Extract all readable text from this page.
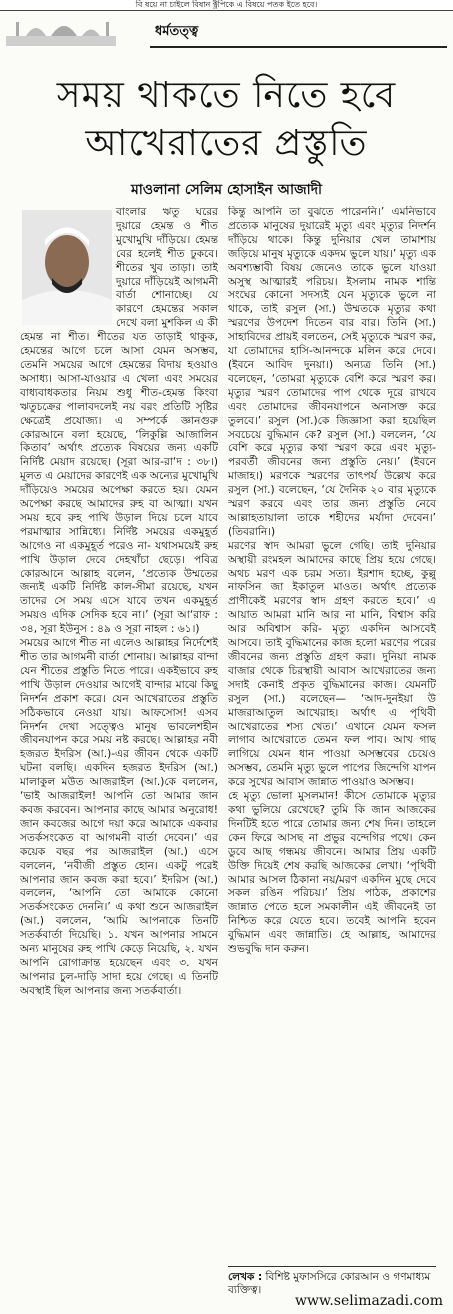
বি ষয়ে না চাইলে বিষান ক্ট্রপিকে এ বিষয়ে পতক ইতে হবে।
ধর্মতত্ত্ব
সময় থাকতে নিতে হবে
আখেরাতের প্রস্তুতি
মাওলানা সেলিম হোসাইন আজাদী

বাংলার ঋতু ঘরের দুয়ারে হেমন্ত ও শীত মুখোমুখি দাঁড়িয়ে। হেমন্ত বের হলেই শীত ঢুকবে। শীতের খুব তাড়া। তাই দুয়ারে দাঁড়িয়েই আগমনী বার্তা শোনাচ্ছে। যে কারণে হেমন্তের সকাল দেখে বলা মুশকিল এ কী হেমন্ত না শীত। শীতের যত তাড়াই থাকুক, হেমন্তের আগে চলে আসা যেমন অসম্ভব, তেমনি সময়ের আগে হেমন্তের বিদায় হওয়াও অসাধ্য। আসা-যাওয়ার এ খেলা এবং সময়ের বাধ্যবাধকতার নিয়ম শুধু শীত-হেমন্ত কিংবা ঋতুচক্রের পালাবদলেই নয় বরং প্রতিটি সৃষ্টির ক্ষেত্রেই প্রযোজ্য। এ সম্পর্কে জ্ঞানগুরু কোরআনে বলা হয়েছে, ‘লিকুল্লি আজালিন কিতাব’ অর্থাৎ প্রত্যেক বিষয়ের জন্য একটি নির্দিষ্ট মেয়াদ রয়েছে। (সূরা আর-রা‘দ : ৩৮।) মূলত এ মেয়াদের কারণেই এক অন্যের মুখোমুখি দাঁড়িয়েও সময়ের অপেক্ষা করতে হয়। যেমন অপেক্ষা করছে আমাদের রুহ বা আত্মা। যখন সময় হবে রুহ পাখি উড়াল দিয়ে চলে যাবে পরমাত্মার সান্নিধ্যে। নির্দিষ্ট সময়ের একমুহূর্ত আগেও না একমুহূর্ত পরেও না- যথাসময়েই রুহ পাখি উড়াল দেবে দেহখাঁচা ছেড়ে। পবিত্র কোরআনে আল্লাহ বলেন, ‘প্রত্যেক উম্মতের জন্যই একটি নির্দিষ্ট কাল-সীমা রয়েছে, যখন তাদের সে সময় এসে যাবে তখন একমুহূর্ত সময়ও এদিক সেদিক হবে না।’ (সূরা আ‘রাফ : ৩৪, সূরা ইউনুস : ৪৯ ও সূরা নাহল : ৬১।)

সময়ের আগে শীত না এলেও আল্লাহর নির্দেশেই শীত তার আগমনী বার্তা শোনায়। আল্লাহর বান্দা যেন শীতের প্রস্তুতি নিতে পারে। একইভাবে রুহ পাখি উড়াল দেওয়ার আগেই বান্দার মাঝে কিছু নিদর্শন প্রকাশ করে। যেন আখেরাতের প্রস্তুতি সঠিকভাবে নেওয়া যায়। আফসোস! এসব নিদর্শন দেখা সত্ত্বেও মানুষ ভাবলেশহীন জীবনযাপন করে সময় নষ্ট করছে। আল্লাহর নবী হজরত ইদরিস (আ.)-এর জীবন থেকে একটি ঘটনা বলছি। একদিন হজরত ইদরিস (আ.) মালাকুল মউত আজরাইল (আ.)কে বললেন, ‘ভাই আজরাইল! আপনি তো আমার জান কবজ করবেন। আপনার কাছে আমার অনুরোধ! জান কবজের আগে দয়া করে আমাকে একবার সতর্কসংকেত বা আগমনী বার্তা দেবেন।’ এর কয়েক বছর পর আজরাইল (আ.) এসে বললেন, ‘নবীজী প্রস্তুত হোন। একটু পরেই আপনার জান কবজ করা হবে।’ ইদরিস (আ.) বললেন, ‘আপনি তো আমাকে কোনো সতর্কসংকেত দেননি।’ এ কথা শুনে আজরাইল (আ.) বললেন, ‘আমি আপনাকে তিনটি সতর্কবার্তা দিয়েছি। ১. যখন আপনার সামনে অন্য মানুষের রুহ পাখি কেড়ে নিয়েছি, ২. যখন আপনি রোগাক্রান্ত হয়েছেন এবং ৩. যখন আপনার চুল-দাড়ি সাদা হয়ে গেছে। এ তিনটি অবস্থাই ছিল আপনার জন্য সতর্কবার্তা।

কিন্তু আপনি তা বুঝতে পারেননি।’ এমনিভাবে প্রত্যেক মানুষের দুয়ারেই মৃত্যু এবং মৃত্যুর নিদর্শন দাঁড়িয়ে থাকে। কিন্তু দুনিয়ার খেল তামাশায় জড়িয়ে মানুষ মৃত্যুকে একদম ভুলে যায়।’ মৃত্যু এক অবশ্যম্ভাবী বিষয় জেনেও তাকে ভুলে যাওয়া অসুস্থ আত্মারই পরিচয়। ইসলাম নামক শান্তি সংঘের কোনো সদস্যই যেন মৃত্যুকে ভুলে না থাকে, তাই রসুল (সা.) উম্মতকে মৃত্যুর কথা স্মরণের উপদেশ দিতেন বার বার। তিনি (সা.) সাহাবিদের প্রায়ই বলতেন, সেই মৃত্যুকে স্মরণ কর, যা তোমাদের হাসি-আনন্দকে মলিন করে দেবে। (ইবনে আবিদ দুনয়া।) অন্যত্র তিনি (সা.) বলেছেন, ‘তোমরা মৃত্যুকে বেশি করে স্মরণ কর। মৃত্যুর স্মরণ তোমাদের পাপ থেকে দূরে রাখবে এবং তোমাদের জীবনযাপনে অনাসক্ত করে তুলবে।’ রসুল (সা.)কে জিজ্ঞাসা করা হয়েছিল সবচেয়ে বুদ্ধিমান কে? রসুল (সা.) বললেন, ‘যে বেশি করে মৃত্যুর কথা স্মরণ করে এবং মৃত্যু-পরবর্তী জীবনের জন্য প্রস্তুতি নেয়।’ (ইবনে মাজাহ।) মরণকে স্মরণের তাৎপর্য উল্লেখ করে রসুল (সা.) বলেছেন, ‘যে দৈনিক ২০ বার মৃত্যুকে স্মরণ করবে এবং তার জন্য প্রস্তুতি নেবে আল্লাহতায়ালা তাকে শহীদের মর্যাদা দেবেন।’ (তিবরানি।)

মরণের স্বাদ আমরা ভুলে গেছি। তাই দুনিয়ার অস্থায়ী রংমহল আমাদের কাছে প্রিয় হয়ে গেছে। অথচ মরণ এক চরম সত্য। ইরশাদ হচ্ছে, কুল্লু নাফসিন জা ইকাতুল মাওত। অর্থাৎ প্রত্যেক প্রাণীকেই মরণের স্বাদ গ্রহণ করতে হবে।’ এ আয়াত আমরা মানি আর না মানি, বিশ্বাস করি আর অবিশ্বাস করি- মৃত্যু একদিন আসবেই আসবে। তাই বুদ্ধিমানের কাজ হলো মরণের পরের জীবনের জন্য প্রস্তুতি গ্রহণ করা। দুনিয়া নামক বাজার থেকে চিরস্থায়ী আবাস আখেরাতের জন্য সদাই কেনাই প্রকৃত বুদ্ধিমানের কাজ। যেমনটি রসুল (সা.) বলেছেন— ‘আদ-দুনইয়া উ মাজরাআতুল আখেরাহ। অর্থাৎ এ পৃথিবী আখেরাতের শস্য খেত।’ এখানে যেমন ফসল লাগাব আখেরাতে তেমন ফল পাব। আখ গাছ লাগিয়ে যেমন ধান পাওয়া অসম্ভবের চেয়েও অসম্ভব, তেমনি মৃত্যু ভুলে পাপের জিন্দেগি যাপন করে সুখের আবাস জান্নাত পাওয়াও অসম্ভব।

হে মৃত্যু ভোলা মুসলমান! কীসে তোমাকে মৃত্যুর কথা ভুলিয়ে রেখেছে? তুমি কি জান আজকের দিনটিই হতে পারে তোমার জন্য শেষ দিন। তাহলে কেন ফিরে আসছ না প্রভুর বন্দেগির পথে। কেন ডুবে আছ গন্ধময় জীবনে। আমার প্রিয় একটি উক্তি দিয়েই শেষ করছি আজকের লেখা। ‘পৃথিবী আমার আসল ঠিকানা নয়/মরণ একদিন মুছে দেবে সকল রঙিন পরিচয়।’ প্রিয় পাঠক, প্রকাশের জান্নাত পেতে হলে সমকালীন এই জীবনেই তা নিশ্চিত করে যেতে হবে। তবেই আপনি হবেন বুদ্ধিমান এবং জান্নাতি। হে আল্লাহ, আমাদের শুভবুদ্ধি দান করুন।

লেখক : বিশিষ্ট মুফাসসিরে কোরআন ও গণমাধ্যম ব্যক্তিত্ব।
www.selimazadi.com
